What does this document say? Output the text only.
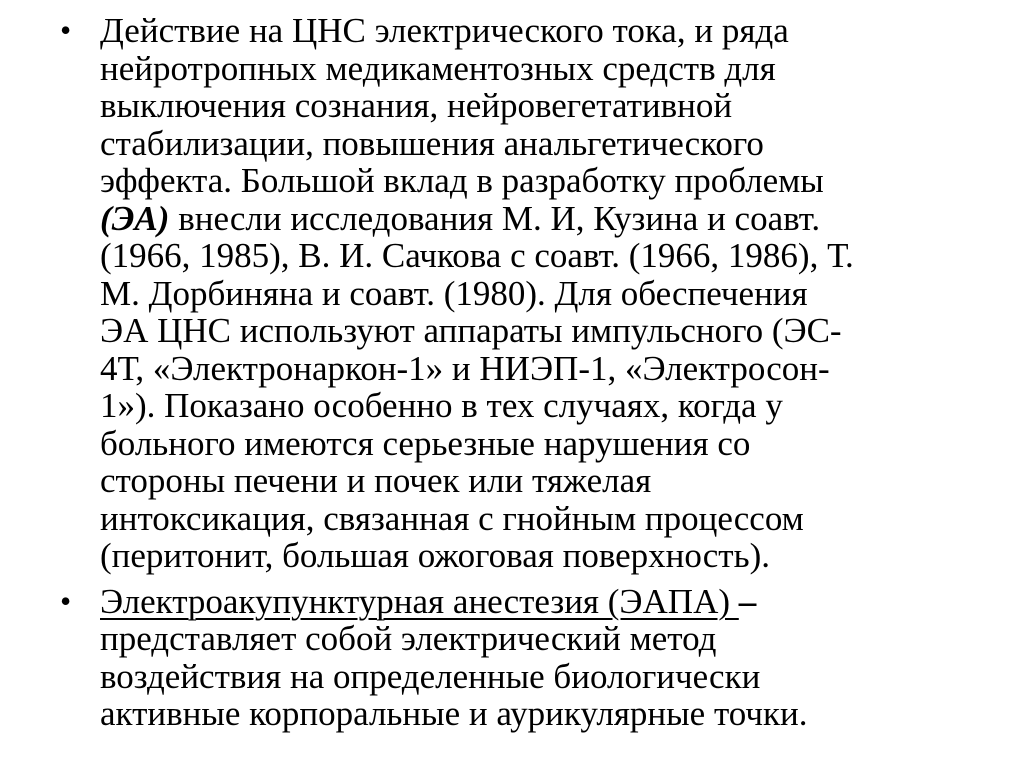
• Действие на ЦНС электрического тока, и ряда
нейротропных медикаментозных средств для
выключения сознания, нейровегетативной
стабилизации, повышения анальгетического
эффекта. Большой вклад в разработку проблемы
(ЭА) внесли исследования М. И, Кузина и соавт.
(1966, 1985), В. И. Сачкова с соавт. (1966, 1986), Т.
М. Дорбиняна и соавт. (1980). Для обеспечения
ЭА ЦНС используют аппараты импульсного (ЭС-
4Т, «Электронаркон-1» и НИЭП-1, «Электросон-
1»). Показано особенно в тех случаях, когда у
больного имеются серьезные нарушения со
стороны печени и почек или тяжелая
интоксикация, связанная с гнойным процессом
(перитонит, большая ожоговая поверхность).
• Электроакупунктурная анестезия (ЭАПА) –
представляет собой электрический метод
воздействия на определенные биологически
активные корпоральные и аурикулярные точки.
